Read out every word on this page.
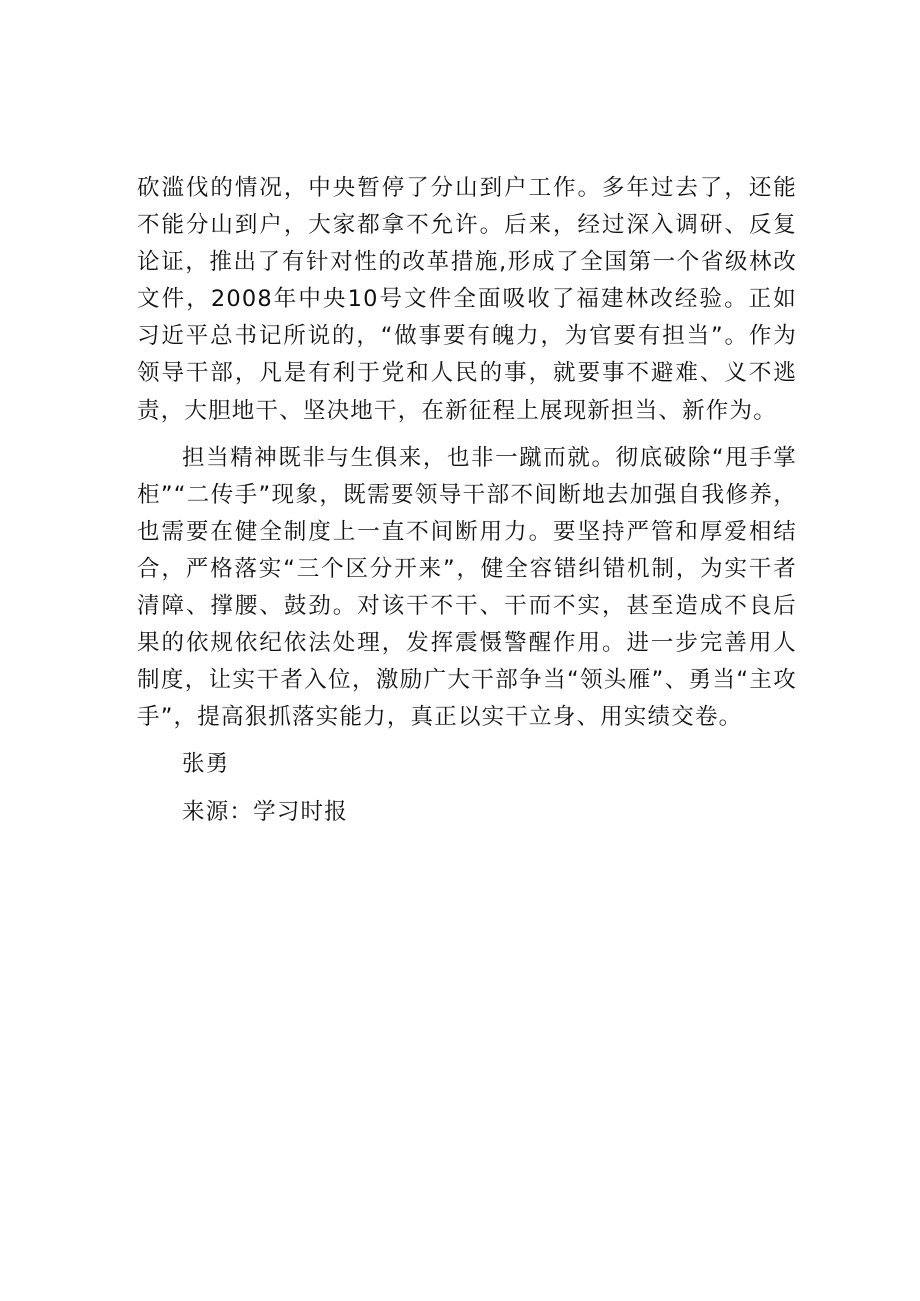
砍滥伐的情况，中央暂停了分山到户工作。多年过去了，还能不能分山到户，大家都拿不允许。后来，经过深入调研、反复论证，推出了有针对性的改革措施,形成了全国第一个省级林改文件，2008年中央10号文件全面吸收了福建林改经验。正如习近平总书记所说的，“做事要有魄力，为官要有担当”。作为领导干部，凡是有利于党和人民的事，就要事不避难、义不逃责，大胆地干、坚决地干，在新征程上展现新担当、新作为。

担当精神既非与生俱来，也非一蹴而就。彻底破除“甩手掌柜”“二传手”现象，既需要领导干部不间断地去加强自我修养，也需要在健全制度上一直不间断用力。要坚持严管和厚爱相结合，严格落实“三个区分开来”，健全容错纠错机制，为实干者清障、撑腰、鼓劲。对该干不干、干而不实，甚至造成不良后果的依规依纪依法处理，发挥震慑警醒作用。进一步完善用人制度，让实干者入位，激励广大干部争当“领头雁”、勇当“主攻手”，提高狠抓落实能力，真正以实干立身、用实绩交卷。

张勇

来源：学习时报
